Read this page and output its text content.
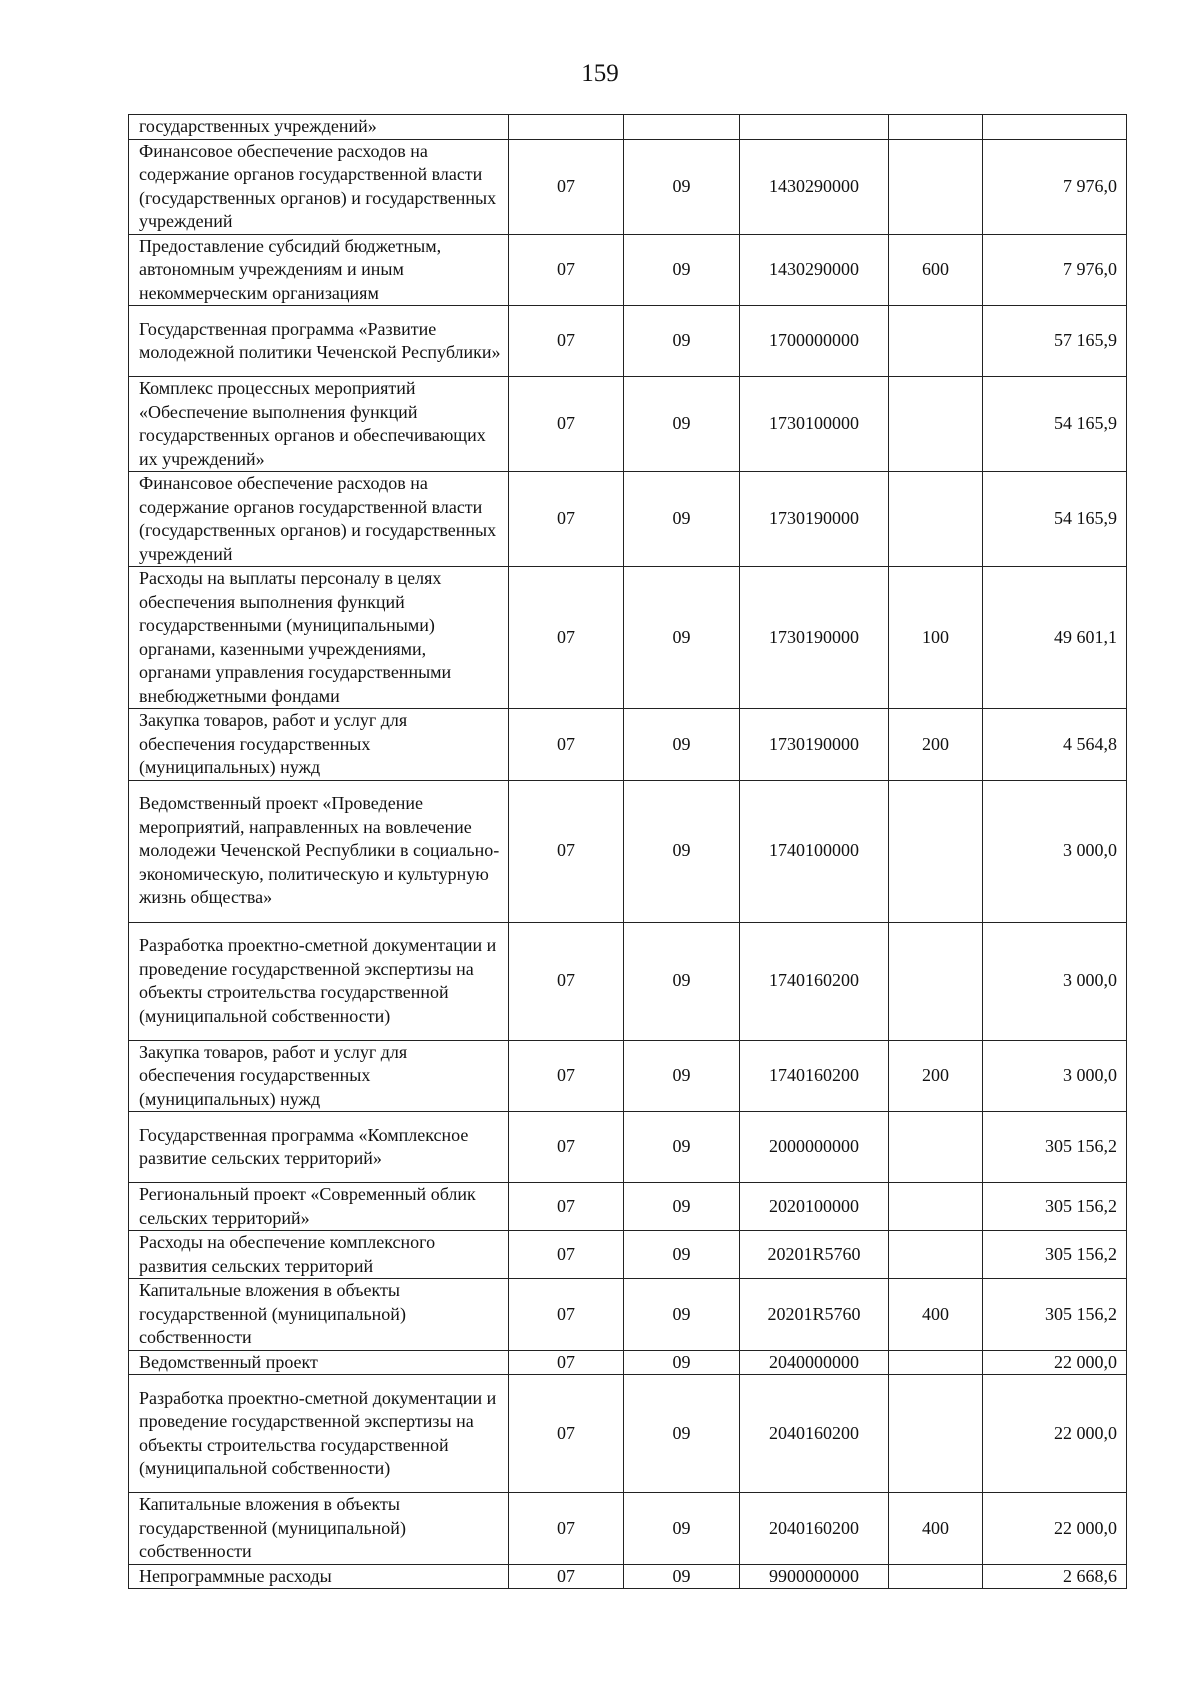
159
государственных учреждений»					
Финансовое обеспечение расходов на содержание органов государственной власти (государственных органов) и государственных учреждений	07	09	1430290000		7 976,0
Предоставление субсидий бюджетным, автономным учреждениям и иным некоммерческим организациям	07	09	1430290000	600	7 976,0
Государственная программа «Развитие молодежной политики Чеченской Республики»	07	09	1700000000		57 165,9
Комплекс процессных мероприятий «Обеспечение выполнения функций государственных органов и обеспечивающих их учреждений»	07	09	1730100000		54 165,9
Финансовое обеспечение расходов на содержание органов государственной власти (государственных органов) и государственных учреждений	07	09	1730190000		54 165,9
Расходы на выплаты персоналу в целях обеспечения выполнения функций государственными (муниципальными) органами, казенными учреждениями, органами управления государственными внебюджетными фондами	07	09	1730190000	100	49 601,1
Закупка товаров, работ и услуг для обеспечения государственных (муниципальных) нужд	07	09	1730190000	200	4 564,8
Ведомственный проект «Проведение мероприятий, направленных на вовлечение молодежи Чеченской Республики в социально-экономическую, политическую и культурную жизнь общества»	07	09	1740100000		3 000,0
Разработка проектно-сметной документации и проведение государственной экспертизы на объекты строительства государственной (муниципальной собственности)	07	09	1740160200		3 000,0
Закупка товаров, работ и услуг для обеспечения государственных (муниципальных) нужд	07	09	1740160200	200	3 000,0
Государственная программа «Комплексное развитие сельских территорий»	07	09	2000000000		305 156,2
Региональный проект «Современный облик сельских территорий»	07	09	2020100000		305 156,2
Расходы на обеспечение комплексного развития сельских территорий	07	09	20201R5760		305 156,2
Капитальные вложения в объекты государственной (муниципальной) собственности	07	09	20201R5760	400	305 156,2
Ведомственный проект	07	09	2040000000		22 000,0
Разработка проектно-сметной документации и проведение государственной экспертизы на объекты строительства государственной (муниципальной собственности)	07	09	2040160200		22 000,0
Капитальные вложения в объекты государственной (муниципальной) собственности	07	09	2040160200	400	22 000,0
Непрограммные расходы	07	09	9900000000		2 668,6
